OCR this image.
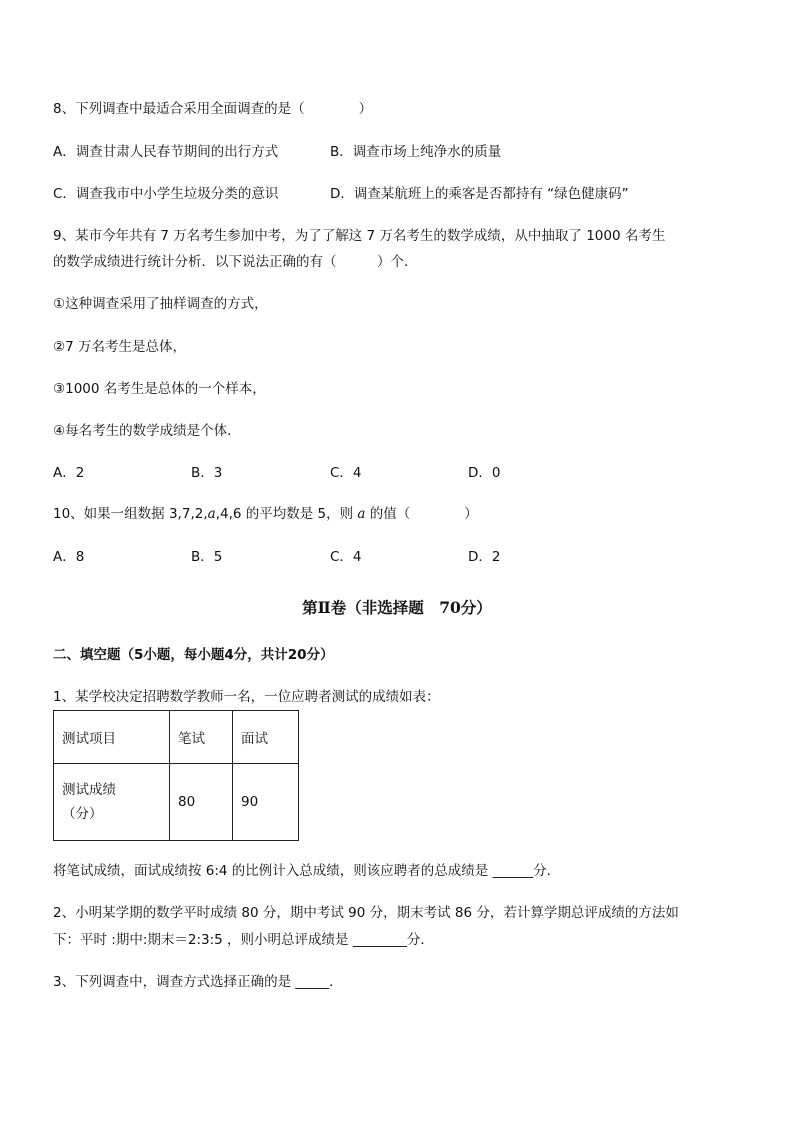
8、下列调查中最适合采用全面调查的是（　　　　）
A．调查甘肃人民春节期间的出行方式	B．调查市场上纯净水的质量
C．调查我市中小学生垃圾分类的意识	D．调查某航班上的乘客是否都持有 “绿色健康码”
9、某市今年共有 7 万名考生参加中考，为了了解这 7 万名考生的数学成绩，从中抽取了 1000 名考生
的数学成绩进行统计分析．以下说法正确的有（　　　）个．
①这种调查采用了抽样调查的方式，
②7 万名考生是总体，
③1000 名考生是总体的一个样本，
④每名考生的数学成绩是个体．
A．2	B．3	C．4	D．0
10、如果一组数据 3,7,2,a,4,6 的平均数是 5，则 a 的值（　　　　）
A．8	B．5	C．4	D．2
第Ⅱ卷（非选择题　70分）
二、填空题（5小题，每小题4分，共计20分）
1、某学校决定招聘数学教师一名，一位应聘者测试的成绩如表：
测试项目	笔试	面试

测试成绩
（分）	80	90
将笔试成绩，面试成绩按 6:4 的比例计入总成绩，则该应聘者的总成绩是 ______分．
2、小明某学期的数学平时成绩 80 分，期中考试 90 分，期末考试 86 分，若计算学期总评成绩的方法如
下：平时 :期中:期末＝2:3:5 ，则小明总评成绩是 ________分．
3、下列调查中，调查方式选择正确的是 _____．
